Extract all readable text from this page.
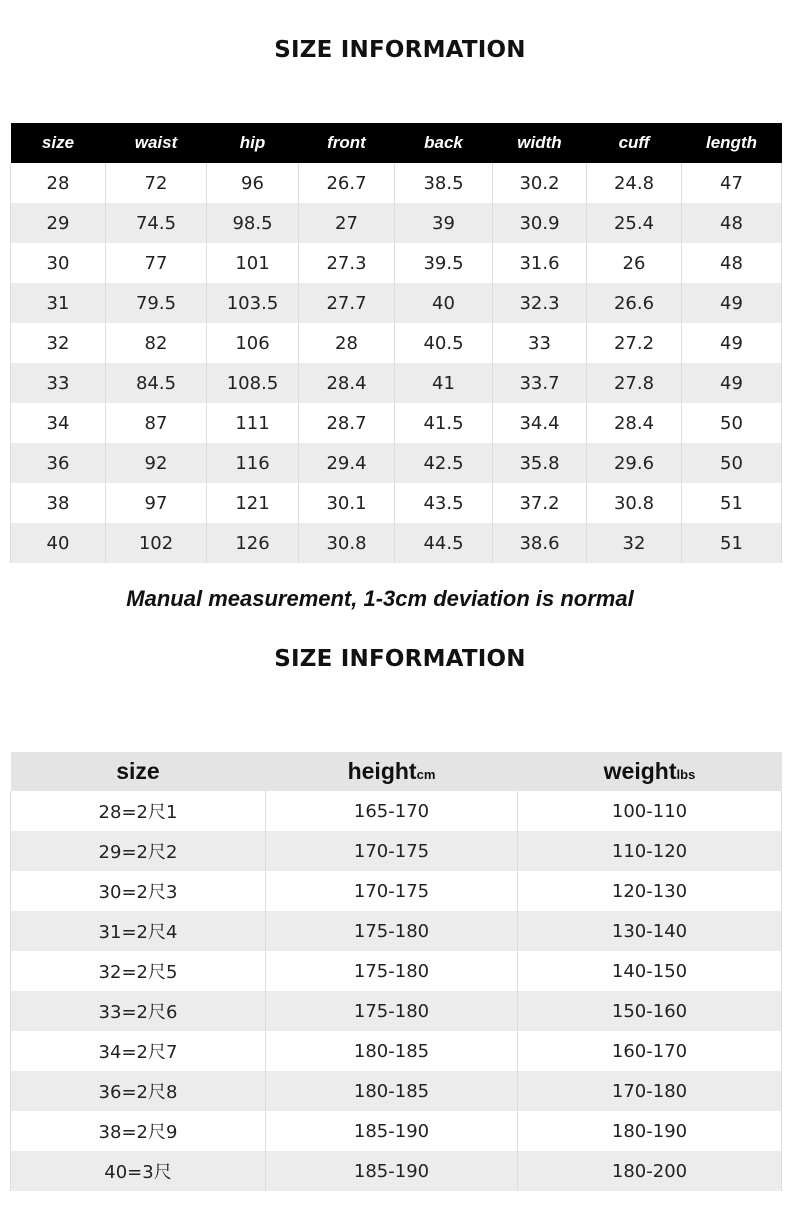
SIZE INFORMATION
size	waist	hip	front	back	width	cuff	length
28	72	96	26.7	38.5	30.2	24.8	47
29	74.5	98.5	27	39	30.9	25.4	48
30	77	101	27.3	39.5	31.6	26	48
31	79.5	103.5	27.7	40	32.3	26.6	49
32	82	106	28	40.5	33	27.2	49
33	84.5	108.5	28.4	41	33.7	27.8	49
34	87	111	28.7	41.5	34.4	28.4	50
36	92	116	29.4	42.5	35.8	29.6	50
38	97	121	30.1	43.5	37.2	30.8	51
40	102	126	30.8	44.5	38.6	32	51
Manual measurement, 1-3cm deviation is normal
SIZE INFORMATION
size	heightcm	weightlbs
28=2尺1	165-170	100-110
29=2尺2	170-175	110-120
30=2尺3	170-175	120-130
31=2尺4	175-180	130-140
32=2尺5	175-180	140-150
33=2尺6	175-180	150-160
34=2尺7	180-185	160-170
36=2尺8	180-185	170-180
38=2尺9	185-190	180-190
40=3尺	185-190	180-200
